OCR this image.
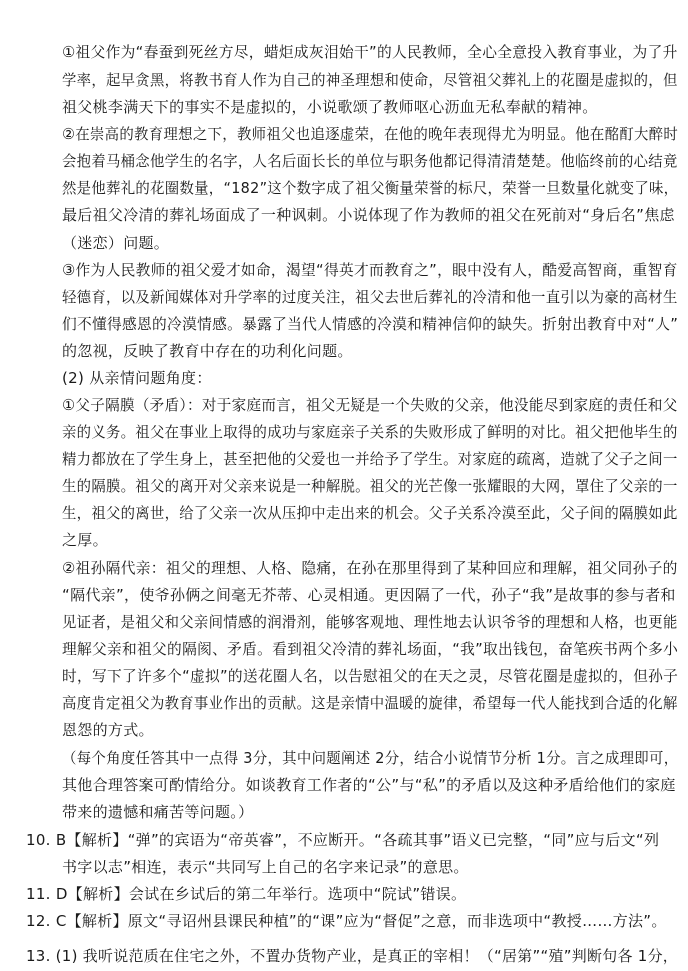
①祖父作为“春蚕到死丝方尽，蜡炬成灰泪始干”的人民教师，全心全意投入教育事业，为了升
学率，起早贪黑，将教书育人作为自己的神圣理想和使命，尽管祖父葬礼上的花圈是虚拟的，但
祖父桃李满天下的事实不是虚拟的，小说歌颂了教师呕心沥血无私奉献的精神。
②在崇高的教育理想之下，教师祖父也追逐虚荣，在他的晚年表现得尤为明显。他在酩酊大醉时
会抱着马桶念他学生的名字，人名后面长长的单位与职务他都记得清清楚楚。他临终前的心结竟
然是他葬礼的花圈数量，“182”这个数字成了祖父衡量荣誉的标尺，荣誉一旦数量化就变了味，
最后祖父冷清的葬礼场面成了一种讽刺。小说体现了作为教师的祖父在死前对“身后名”焦虑
（迷恋）问题。
③作为人民教师的祖父爱才如命，渴望“得英才而教育之”，眼中没有人，酷爱高智商，重智育
轻德育，以及新闻媒体对升学率的过度关注，祖父去世后葬礼的冷清和他一直引以为豪的高材生
们不懂得感恩的冷漠情感。暴露了当代人情感的冷漠和精神信仰的缺失。折射出教育中对“人”
的忽视，反映了教育中存在的功利化问题。
(2) 从亲情问题角度：
①父子隔膜（矛盾）：对于家庭而言，祖父无疑是一个失败的父亲，他没能尽到家庭的责任和父
亲的义务。祖父在事业上取得的成功与家庭亲子关系的失败形成了鲜明的对比。祖父把他毕生的
精力都放在了学生身上，甚至把他的父爱也一并给予了学生。对家庭的疏离，造就了父子之间一
生的隔膜。祖父的离开对父亲来说是一种解脱。祖父的光芒像一张耀眼的大网，罩住了父亲的一
生，祖父的离世，给了父亲一次从压抑中走出来的机会。父子关系冷漠至此，父子间的隔膜如此
之厚。
②祖孙隔代亲：祖父的理想、人格、隐痛，在孙在那里得到了某种回应和理解，祖父同孙子的
“隔代亲”，使爷孙俩之间毫无芥蒂、心灵相通。更因隔了一代，孙子“我”是故事的参与者和
见证者，是祖父和父亲间情感的润滑剂，能够客观地、理性地去认识爷爷的理想和人格，也更能
理解父亲和祖父的隔阂、矛盾。看到祖父冷清的葬礼场面，“我”取出钱包，奋笔疾书两个多小
时，写下了许多个“虚拟”的送花圈人名，以告慰祖父的在天之灵，尽管花圈是虚拟的，但孙子
高度肯定祖父为教育事业作出的贡献。这是亲情中温暖的旋律，希望每一代人能找到合适的化解
恩怨的方式。
（每个角度任答其中一点得 3分，其中问题阐述 2分，结合小说情节分析 1分。言之成理即可，
其他合理答案可酌情给分。如谈教育工作者的“公”与“私”的矛盾以及这种矛盾给他们的家庭
带来的遗憾和痛苦等问题。）
10. B【解析】“弹”的宾语为“帝英睿”，不应断开。“各疏其事”语义已完整，“同”应与后文“列
书字以志”相连，表示“共同写上自己的名字来记录”的意思。
11. D【解析】会试在乡试后的第二年举行。选项中“院试”错误。
12. C【解析】原文“寻诏州县课民种植”的“课”应为“督促”之意，而非选项中“教授……方法”。
13. (1) 我听说范质在住宅之外，不置办货物产业，是真正的宰相！（“居第”“殖”判断句各 1分，
